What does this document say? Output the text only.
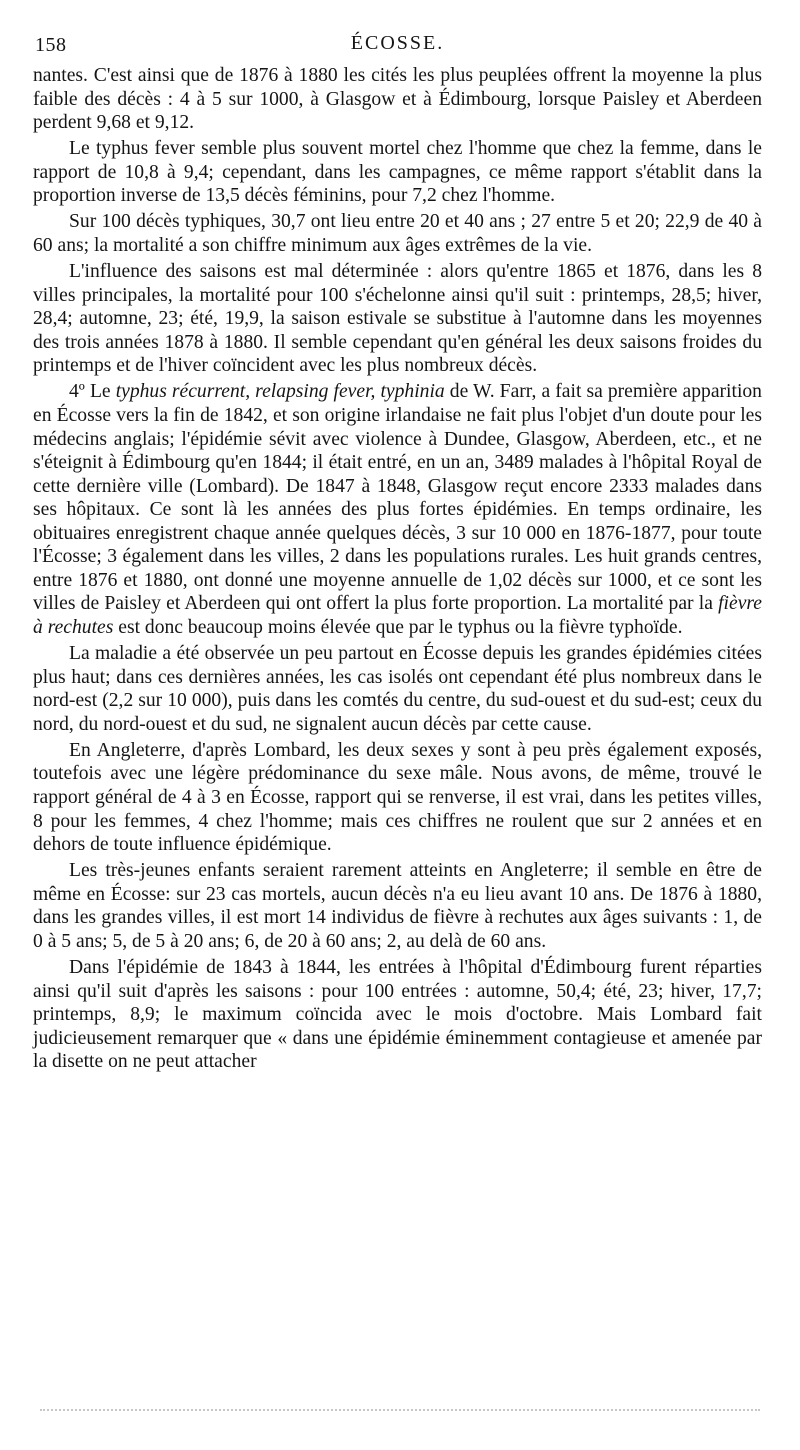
158	ÉCOSSE.

nantes. C'est ainsi que de 1876 à 1880 les cités les plus peuplées offrent la moyenne la plus faible des décès : 4 à 5 sur 1000, à Glasgow et à Édimbourg, lorsque Paisley et Aberdeen perdent 9,68 et 9,12.

Le typhus fever semble plus souvent mortel chez l'homme que chez la femme, dans le rapport de 10,8 à 9,4; cependant, dans les campagnes, ce même rapport s'établit dans la proportion inverse de 13,5 décès féminins, pour 7,2 chez l'homme.

Sur 100 décès typhiques, 30,7 ont lieu entre 20 et 40 ans ; 27 entre 5 et 20; 22,9 de 40 à 60 ans; la mortalité a son chiffre minimum aux âges extrêmes de la vie.

L'influence des saisons est mal déterminée : alors qu'entre 1865 et 1876, dans les 8 villes principales, la mortalité pour 100 s'échelonne ainsi qu'il suit : printemps, 28,5; hiver, 28,4; automne, 23; été, 19,9, la saison estivale se substitue à l'automne dans les moyennes des trois années 1878 à 1880. Il semble cependant qu'en général les deux saisons froides du printemps et de l'hiver coïncident avec les plus nombreux décès.

4º Le typhus récurrent, relapsing fever, typhinia de W. Farr, a fait sa première apparition en Écosse vers la fin de 1842, et son origine irlandaise ne fait plus l'objet d'un doute pour les médecins anglais; l'épidémie sévit avec violence à Dundee, Glasgow, Aberdeen, etc., et ne s'éteignit à Édimbourg qu'en 1844; il était entré, en un an, 3489 malades à l'hôpital Royal de cette dernière ville (Lombard). De 1847 à 1848, Glasgow reçut encore 2333 malades dans ses hôpitaux. Ce sont là les années des plus fortes épidémies. En temps ordinaire, les obituaires enregistrent chaque année quelques décès, 3 sur 10 000 en 1876-1877, pour toute l'Écosse; 3 également dans les villes, 2 dans les populations rurales. Les huit grands centres, entre 1876 et 1880, ont donné une moyenne annuelle de 1,02 décès sur 1000, et ce sont les villes de Paisley et Aberdeen qui ont offert la plus forte proportion. La mortalité par la fièvre à rechutes est donc beaucoup moins élevée que par le typhus ou la fièvre typhoïde.

La maladie a été observée un peu partout en Écosse depuis les grandes épidémies citées plus haut; dans ces dernières années, les cas isolés ont cependant été plus nombreux dans le nord-est (2,2 sur 10 000), puis dans les comtés du centre, du sud-ouest et du sud-est; ceux du nord, du nord-ouest et du sud, ne signalent aucun décès par cette cause.

En Angleterre, d'après Lombard, les deux sexes y sont à peu près également exposés, toutefois avec une légère prédominance du sexe mâle. Nous avons, de même, trouvé le rapport général de 4 à 3 en Écosse, rapport qui se renverse, il est vrai, dans les petites villes, 8 pour les femmes, 4 chez l'homme; mais ces chiffres ne roulent que sur 2 années et en dehors de toute influence épidémique.

Les très-jeunes enfants seraient rarement atteints en Angleterre; il semble en être de même en Écosse: sur 23 cas mortels, aucun décès n'a eu lieu avant 10 ans. De 1876 à 1880, dans les grandes villes, il est mort 14 individus de fièvre à rechutes aux âges suivants : 1, de 0 à 5 ans; 5, de 5 à 20 ans; 6, de 20 à 60 ans; 2, au delà de 60 ans.

Dans l'épidémie de 1843 à 1844, les entrées à l'hôpital d'Édimbourg furent réparties ainsi qu'il suit d'après les saisons : pour 100 entrées : automne, 50,4; été, 23; hiver, 17,7; printemps, 8,9; le maximum coïncida avec le mois d'octobre. Mais Lombard fait judicieusement remarquer que « dans une épidémie éminemment contagieuse et amenée par la disette on ne peut attacher
